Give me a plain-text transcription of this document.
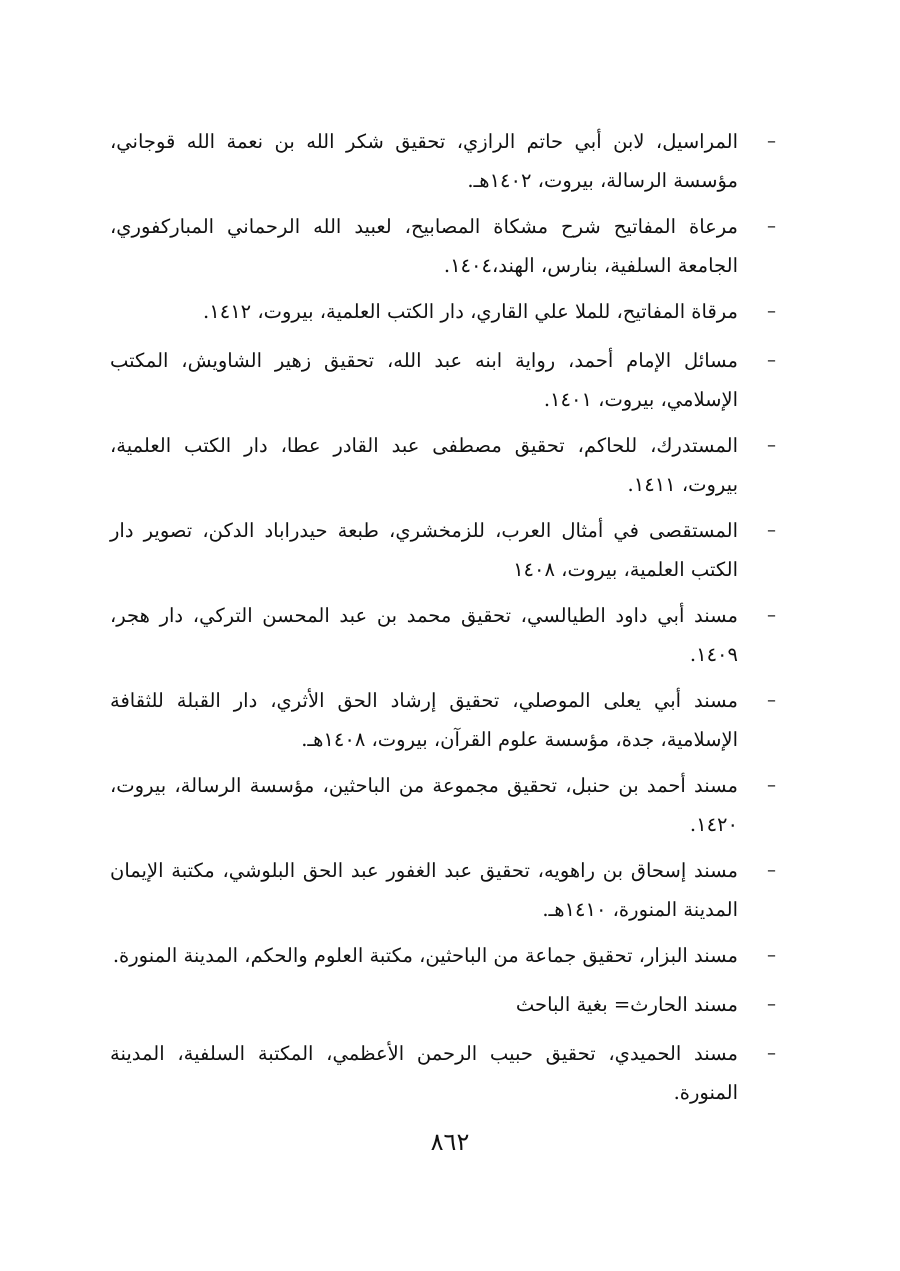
–
المراسيل، لابن أبي حاتم الرازي، تحقيق شكر الله بن نعمة الله قوجاني، مؤسسة الرسالة، بيروت، ١٤٠٢هـ.
–
مرعاة المفاتيح شرح مشكاة المصابيح، لعبيد الله الرحماني المباركفوري، الجامعة السلفية، بنارس، الهند،١٤٠٤.
–
مرقاة المفاتيح، للملا علي القاري، دار الكتب العلمية، بيروت، ١٤١٢.
–
مسائل الإمام أحمد، رواية ابنه عبد الله، تحقيق زهير الشاويش، المكتب الإسلامي، بيروت، ١٤٠١.
–
المستدرك، للحاكم، تحقيق مصطفى عبد القادر عطا، دار الكتب العلمية، بيروت، ١٤١١.
–
المستقصى في أمثال العرب، للزمخشري، طبعة حيدراباد الدكن، تصوير دار الكتب العلمية، بيروت، ١٤٠٨
–
مسند أبي داود الطيالسي، تحقيق محمد بن عبد المحسن التركي، دار هجر، ١٤٠٩.
–
مسند أبي يعلى الموصلي، تحقيق إرشاد الحق الأثري، دار القبلة للثقافة الإسلامية، جدة، مؤسسة علوم القرآن، بيروت، ١٤٠٨هـ.
–
مسند أحمد بن حنبل، تحقيق مجموعة من الباحثين، مؤسسة الرسالة، بيروت، ١٤٢٠.
–
مسند إسحاق بن راهويه، تحقيق عبد الغفور عبد الحق البلوشي، مكتبة الإيمان المدينة المنورة، ١٤١٠هـ.
–
مسند البزار، تحقيق جماعة من الباحثين، مكتبة العلوم والحكم، المدينة المنورة.
–
مسند الحارث= بغية الباحث
–
مسند الحميدي، تحقيق حبيب الرحمن الأعظمي، المكتبة السلفية، المدينة المنورة.
٨٦٢
